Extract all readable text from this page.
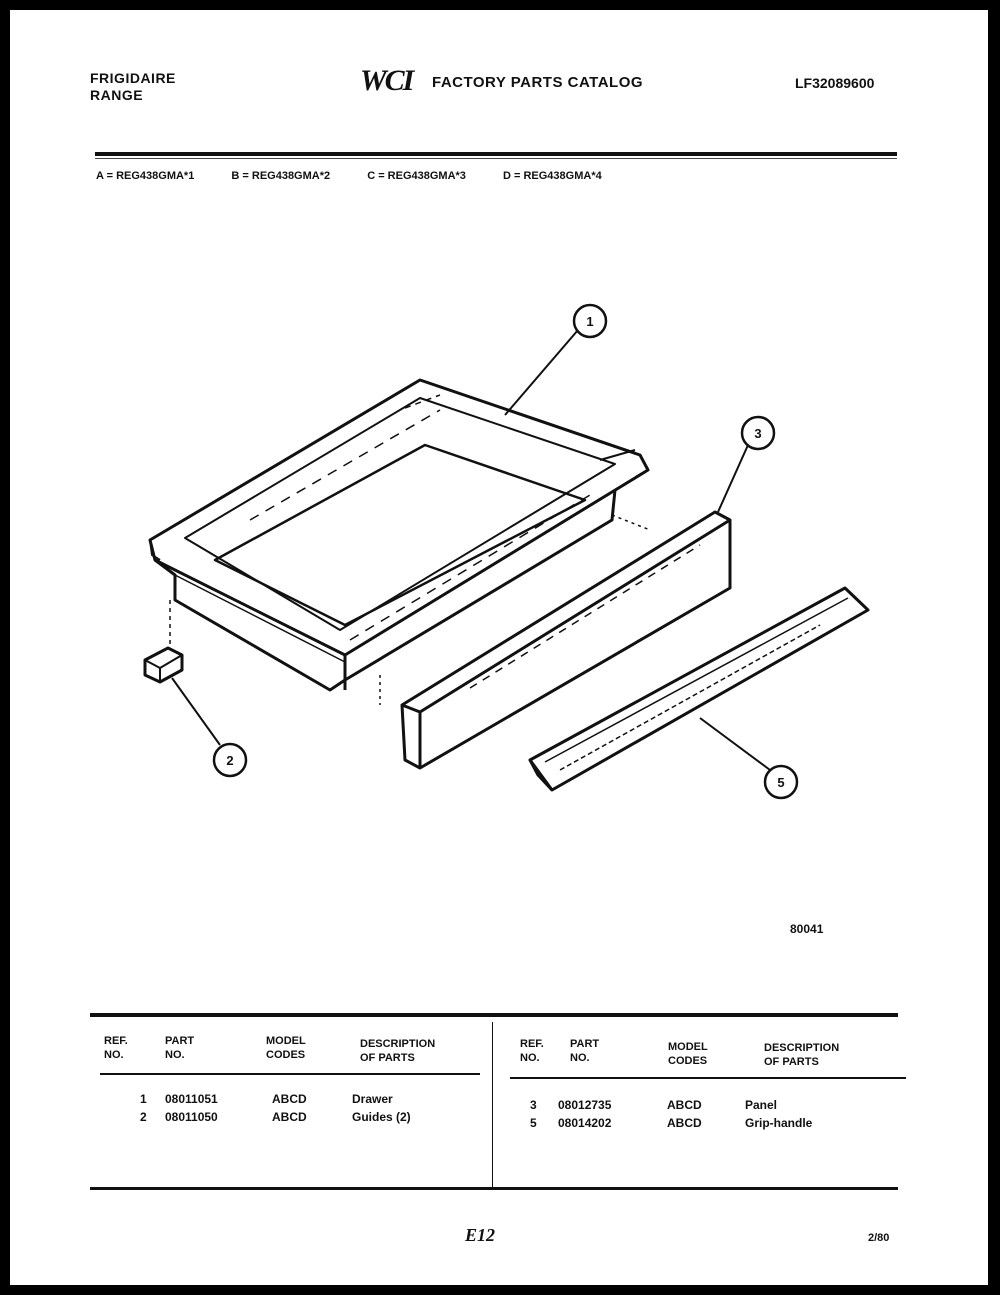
FRIGIDAIRE
RANGE	WCI FACTORY PARTS CATALOG	LF32089600
A = REG438GMA*1	B = REG438GMA*2	C = REG438GMA*3	D = REG438GMA*4
1
2
3
5
80041
REF.
NO.
PART
NO.
MODEL
CODES
DESCRIPTION
OF PARTS
REF.
NO.
PART
NO.
MODEL
CODES
DESCRIPTION
OF PARTS
1 08011051	ABCD	Drawer
2 08011050	ABCD	Guides (2)
3 08012735	ABCD	Panel
5 08014202	ABCD	Grip-handle
E12	2/80
